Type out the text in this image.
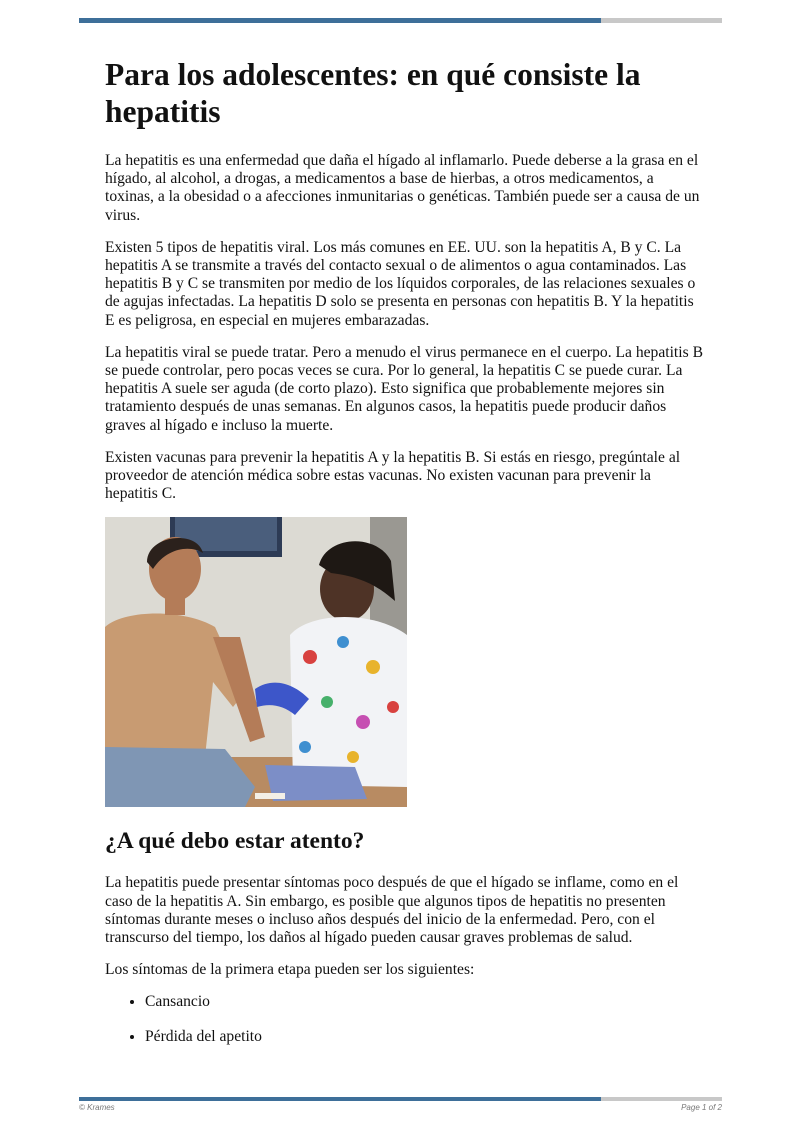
Para los adolescentes: en qué consiste la hepatitis

La hepatitis es una enfermedad que daña el hígado al inflamarlo. Puede deberse a la grasa en el hígado, al alcohol, a drogas, a medicamentos a base de hierbas, a otros medicamentos, a toxinas, a la obesidad o a afecciones inmunitarias o genéticas. También puede ser a causa de un virus.

Existen 5 tipos de hepatitis viral. Los más comunes en EE. UU. son la hepatitis A, B y C. La hepatitis A se transmite a través del contacto sexual o de alimentos o agua contaminados. Las hepatitis B y C se transmiten por medio de los líquidos corporales, de las relaciones sexuales o de agujas infectadas. La hepatitis D solo se presenta en personas con hepatitis B. Y la hepatitis E es peligrosa, en especial en mujeres embarazadas.

La hepatitis viral se puede tratar. Pero a menudo el virus permanece en el cuerpo. La hepatitis B se puede controlar, pero pocas veces se cura. Por lo general, la hepatitis C se puede curar. La hepatitis A suele ser aguda (de corto plazo). Esto significa que probablemente mejores sin tratamiento después de unas semanas. En algunos casos, la hepatitis puede producir daños graves al hígado e incluso la muerte.

Existen vacunas para prevenir la hepatitis A y la hepatitis B. Si estás en riesgo, pregúntale al proveedor de atención médica sobre estas vacunas. No existen vacunan para prevenir la hepatitis C.

¿A qué debo estar atento?

La hepatitis puede presentar síntomas poco después de que el hígado se inflame, como en el caso de la hepatitis A. Sin embargo, es posible que algunos tipos de hepatitis no presenten síntomas durante meses o incluso años después del inicio de la enfermedad. Pero, con el transcurso del tiempo, los daños al hígado pueden causar graves problemas de salud.

Los síntomas de la primera etapa pueden ser los siguientes:

• Cansancio
• Pérdida del apetito
© Krames	Page 1 of 2
